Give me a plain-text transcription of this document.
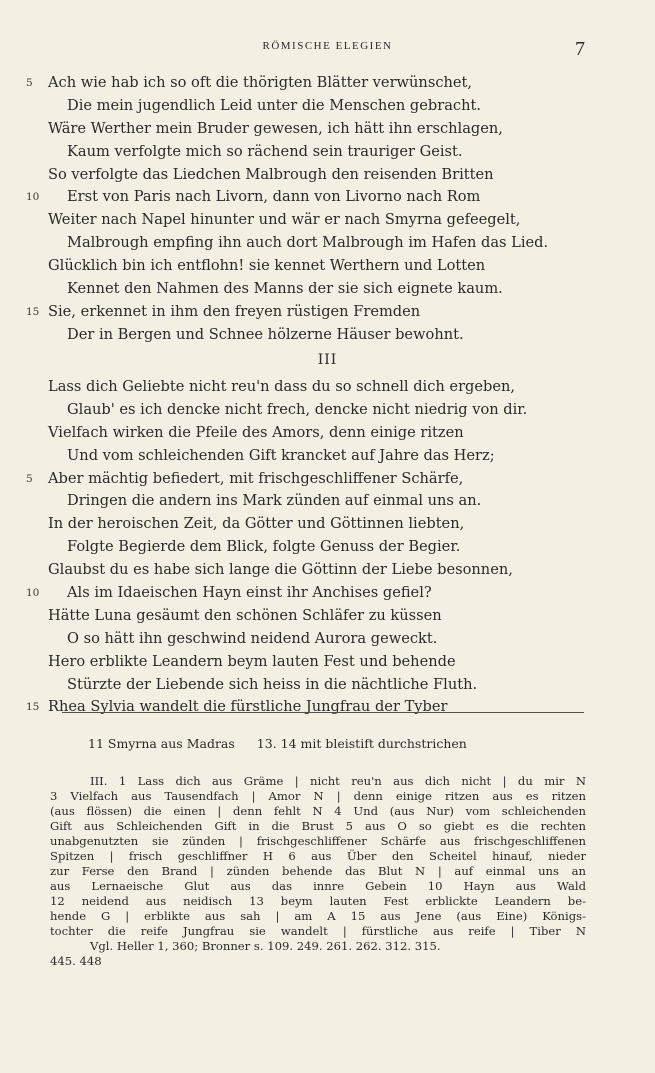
RÖMISCHE ELEGIEN	7
5	Ach wie hab ich so oft die thörigten Blätter verwünschet,
Die mein jugendlich Leid unter die Menschen gebracht.
Wäre Werther mein Bruder gewesen, ich hätt ihn erschlagen,
Kaum verfolgte mich so rächend sein trauriger Geist.
So verfolgte das Liedchen Malbrough den reisenden Britten
10	Erst von Paris nach Livorn, dann von Livorno nach Rom
Weiter nach Napel hinunter und wär er nach Smyrna gefeegelt,
Malbrough empfing ihn auch dort Malbrough im Hafen das Lied.
Glücklich bin ich entflohn! sie kennet Werthern und Lotten
Kennet den Nahmen des Manns der sie sich eignete kaum.
15 Sie, erkennet in ihm den freyen rüstigen Fremden
Der in Bergen und Schnee hölzerne Häuser bewohnt.
III
Lass dich Geliebte nicht reu'n dass du so schnell dich ergeben,
Glaub' es ich dencke nicht frech, dencke nicht niedrig von dir.
Vielfach wirken die Pfeile des Amors, denn einige ritzen
Und vom schleichenden Gift krancket auf Jahre das Herz;
5	Aber mächtig befiedert, mit frischgeschliffener Schärfe,
Dringen die andern ins Mark zünden auf einmal uns an.
In der heroischen Zeit, da Götter und Göttinnen liebten,
Folgte Begierde dem Blick, folgte Genuss der Begier.
Glaubst du es habe sich lange die Göttinn der Liebe besonnen,
10	Als im Idaeischen Hayn einst ihr Anchises gefiel?
Hätte Luna gesäumt den schönen Schläfer zu küssen
O so hätt ihn geschwind neidend Aurora geweckt.
Hero erblikte Leandern beym lauten Fest und behende
Stürzte der Liebende sich heiss in die nächtliche Fluth.
15 Rhea Sylvia wandelt die fürstliche Jungfrau der Tyber
11 Smyrna aus Madras 13. 14 mit bleistift durchstrichen
III. 1 Lass dich aus Gräme | nicht reu'n aus dich nicht | du mir N
3 Vielfach aus Tausendfach | Amor N | denn einige ritzen aus es ritzen
(aus flössen) die einen | denn fehlt N 4 Und (aus Nur) vom schleichenden
Gift aus Schleichenden Gift in die Brust 5 aus O so giebt es die rechten
unabgenutzten sie zünden | frischgeschliffener Schärfe aus frischgeschliffenen
Spitzen | frisch geschliffner H 6 aus Über den Scheitel hinauf, nieder
zur Ferse den Brand | zünden behende das Blut N | auf einmal uns an
aus Lernaeische Glut aus das innre Gebein 10 Hayn aus Wald
12 neidend aus neidisch 13 beym lauten Fest erblickte Leandern be-
hende G | erblikte aus sah | am A 15 aus Jene (aus Eine) Königs-
tochter die reife Jungfrau sie wandelt | fürstliche aus reife | Tiber N
Vgl. Heller 1, 360; Bronner s. 109. 249. 261. 262. 312. 315.
445. 448
